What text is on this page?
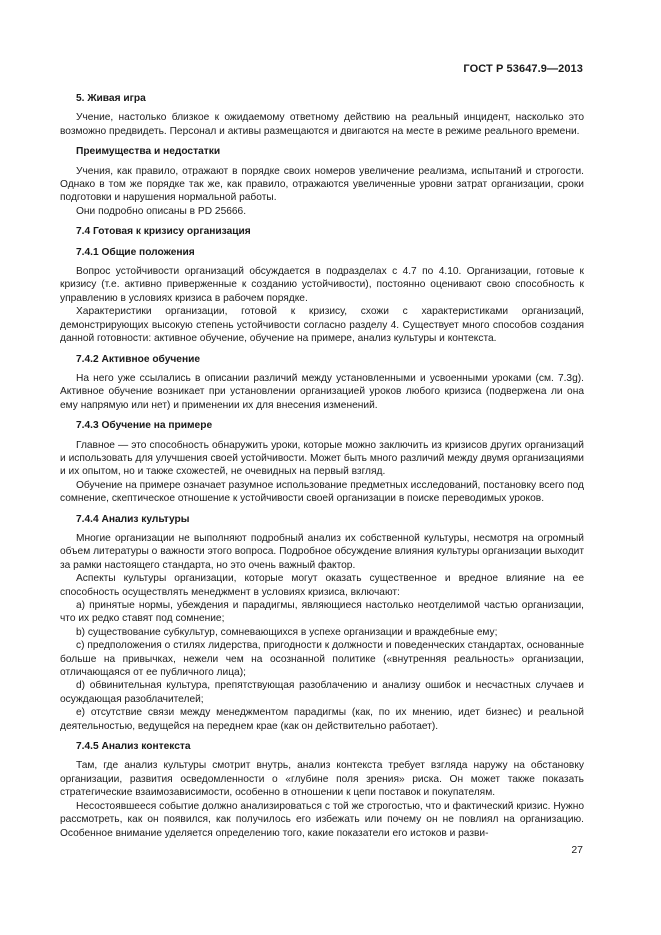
ГОСТ Р 53647.9—2013

5. Живая игра

Учение, настолько близкое к ожидаемому ответному действию на реальный инцидент, насколько это возможно предвидеть. Персонал и активы размещаются и двигаются на месте в режиме реального времени.

Преимущества и недостатки

Учения, как правило, отражают в порядке своих номеров увеличение реализма, испытаний и строгости. Однако в том же порядке так же, как правило, отражаются увеличенные уровни затрат организации, сроки подготовки и нарушения нормальной работы.

Они подробно описаны в PD 25666.

7.4 Готовая к кризису организация

7.4.1 Общие положения

Вопрос устойчивости организаций обсуждается в подразделах с 4.7 по 4.10. Организации, готовые к кризису (т.е. активно приверженные к созданию устойчивости), постоянно оценивают свою способность к управлению в условиях кризиса в рабочем порядке.

Характеристики организации, готовой к кризису, схожи с характеристиками организаций, демонстрирующих высокую степень устойчивости согласно разделу 4. Существует много способов создания данной готовности: активное обучение, обучение на примере, анализ культуры и контекста.

7.4.2 Активное обучение

На него уже ссылались в описании различий между установленными и усвоенными уроками (см. 7.3g). Активное обучение возникает при установлении организацией уроков любого кризиса (подвержена ли она ему напрямую или нет) и применении их для внесения изменений.

7.4.3 Обучение на примере

Главное — это способность обнаружить уроки, которые можно заключить из кризисов других организаций и использовать для улучшения своей устойчивости. Может быть много различий между двумя организациями и их опытом, но и также схожестей, не очевидных на первый взгляд.

Обучение на примере означает разумное использование предметных исследований, постановку всего под сомнение, скептическое отношение к устойчивости своей организации в поиске переводимых уроков.

7.4.4 Анализ культуры

Многие организации не выполняют подробный анализ их собственной культуры, несмотря на огромный объем литературы о важности этого вопроса. Подробное обсуждение влияния культуры организации выходит за рамки настоящего стандарта, но это очень важный фактор.

Аспекты культуры организации, которые могут оказать существенное и вредное влияние на ее способность осуществлять менеджмент в условиях кризиса, включают:

a) принятые нормы, убеждения и парадигмы, являющиеся настолько неотделимой частью организации, что их редко ставят под сомнение;

b) существование субкультур, сомневающихся в успехе организации и враждебные ему;

c) предположения о стилях лидерства, пригодности к должности и поведенческих стандартах, основанные больше на привычках, нежели чем на осознанной политике («внутренняя реальность» организации, отличающаяся от ее публичного лица);

d) обвинительная культура, препятствующая разоблачению и анализу ошибок и несчастных случаев и осуждающая разоблачителей;

e) отсутствие связи между менеджментом парадигмы (как, по их мнению, идет бизнес) и реальной деятельностью, ведущейся на переднем крае (как он действительно работает).

7.4.5 Анализ контекста

Там, где анализ культуры смотрит внутрь, анализ контекста требует взгляда наружу на обстановку организации, развития осведомленности о «глубине поля зрения» риска. Он может также показать стратегические взаимозависимости, особенно в отношении к цепи поставок и покупателям.

Несостоявшееся событие должно анализироваться с той же строгостью, что и фактический кризис. Нужно рассмотреть, как он появился, как получилось его избежать или почему он не повлиял на организацию. Особенное внимание уделяется определению того, какие показатели его истоков и разви-

27
